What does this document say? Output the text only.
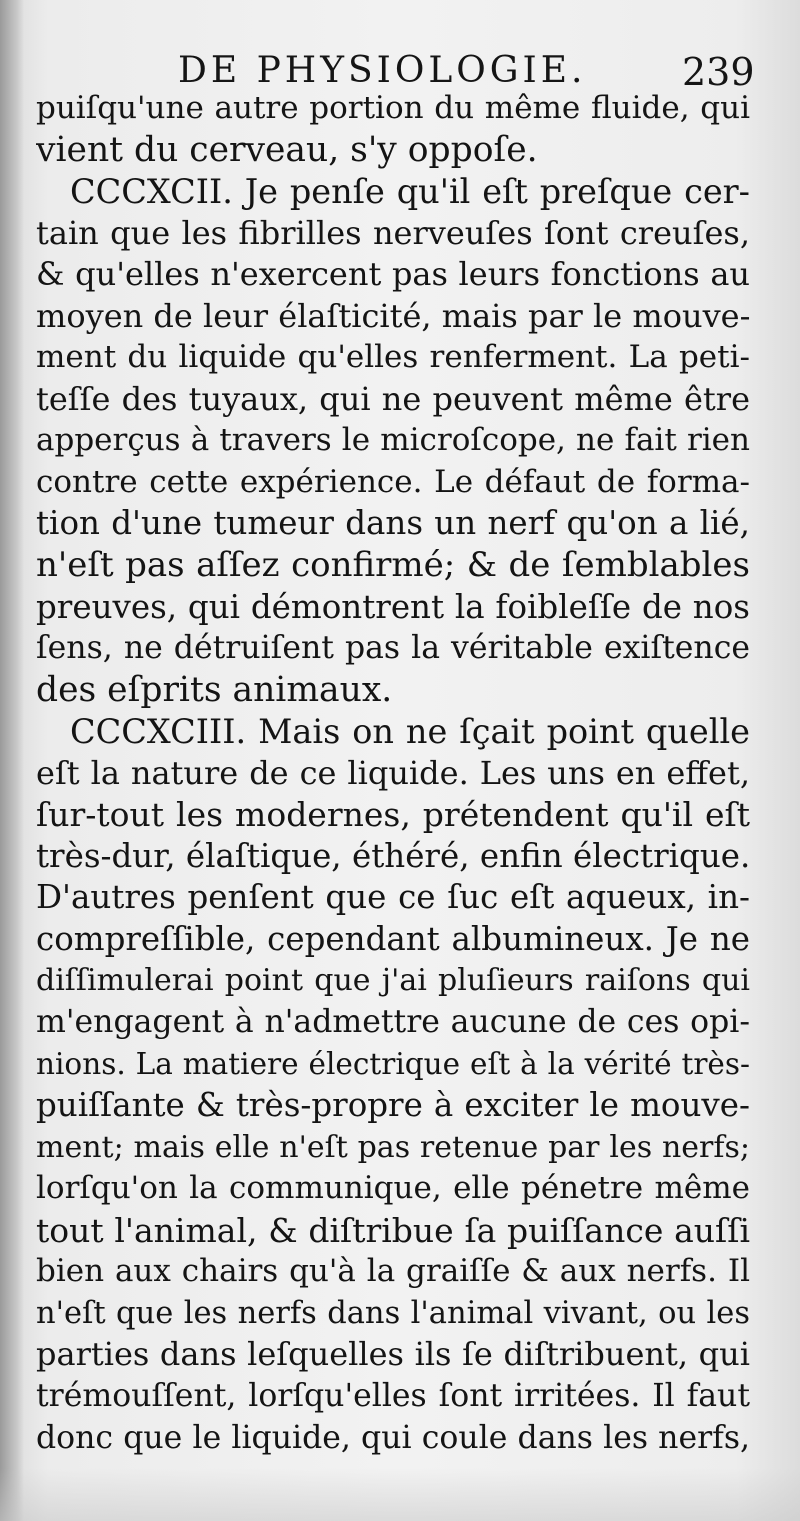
DE PHYSIOLOGIE.	239
puiſqu'une autre portion du même fluide, qui
vient du cerveau, s'y oppoſe.
CCCXCII. Je penſe qu'il eſt preſque cer-
tain que les fibrilles nerveuſes ſont creuſes,
& qu'elles n'exercent pas leurs fonctions au
moyen de leur élaſticité, mais par le mouve-
ment du liquide qu'elles renferment. La peti-
teſſe des tuyaux, qui ne peuvent même être
apperçus à travers le microſcope, ne fait rien
contre cette expérience. Le défaut de forma-
tion d'une tumeur dans un nerf qu'on a lié,
n'eſt pas aſſez confirmé; & de ſemblables
preuves, qui démontrent la foibleſſe de nos
ſens, ne détruiſent pas la véritable exiſtence
des eſprits animaux.
CCCXCIII. Mais on ne ſçait point quelle
eſt la nature de ce liquide. Les uns en effet,
ſur-tout les modernes, prétendent qu'il eſt
très-dur, élaſtique, éthéré, enfin électrique.
D'autres penſent que ce ſuc eſt aqueux, in-
compreſſible, cependant albumineux. Je ne
diſſimulerai point que j'ai pluſieurs raiſons qui
m'engagent à n'admettre aucune de ces opi-
nions. La matiere électrique eſt à la vérité très-
puiſſante & très-propre à exciter le mouve-
ment; mais elle n'eſt pas retenue par les nerfs;
lorſqu'on la communique, elle pénetre même
tout l'animal, & diſtribue ſa puiſſance auſſi
bien aux chairs qu'à la graiſſe & aux nerfs. Il
n'eſt que les nerfs dans l'animal vivant, ou les
parties dans leſquelles ils ſe diſtribuent, qui
trémouſſent, lorſqu'elles ſont irritées. Il faut
donc que le liquide, qui coule dans les nerfs,
